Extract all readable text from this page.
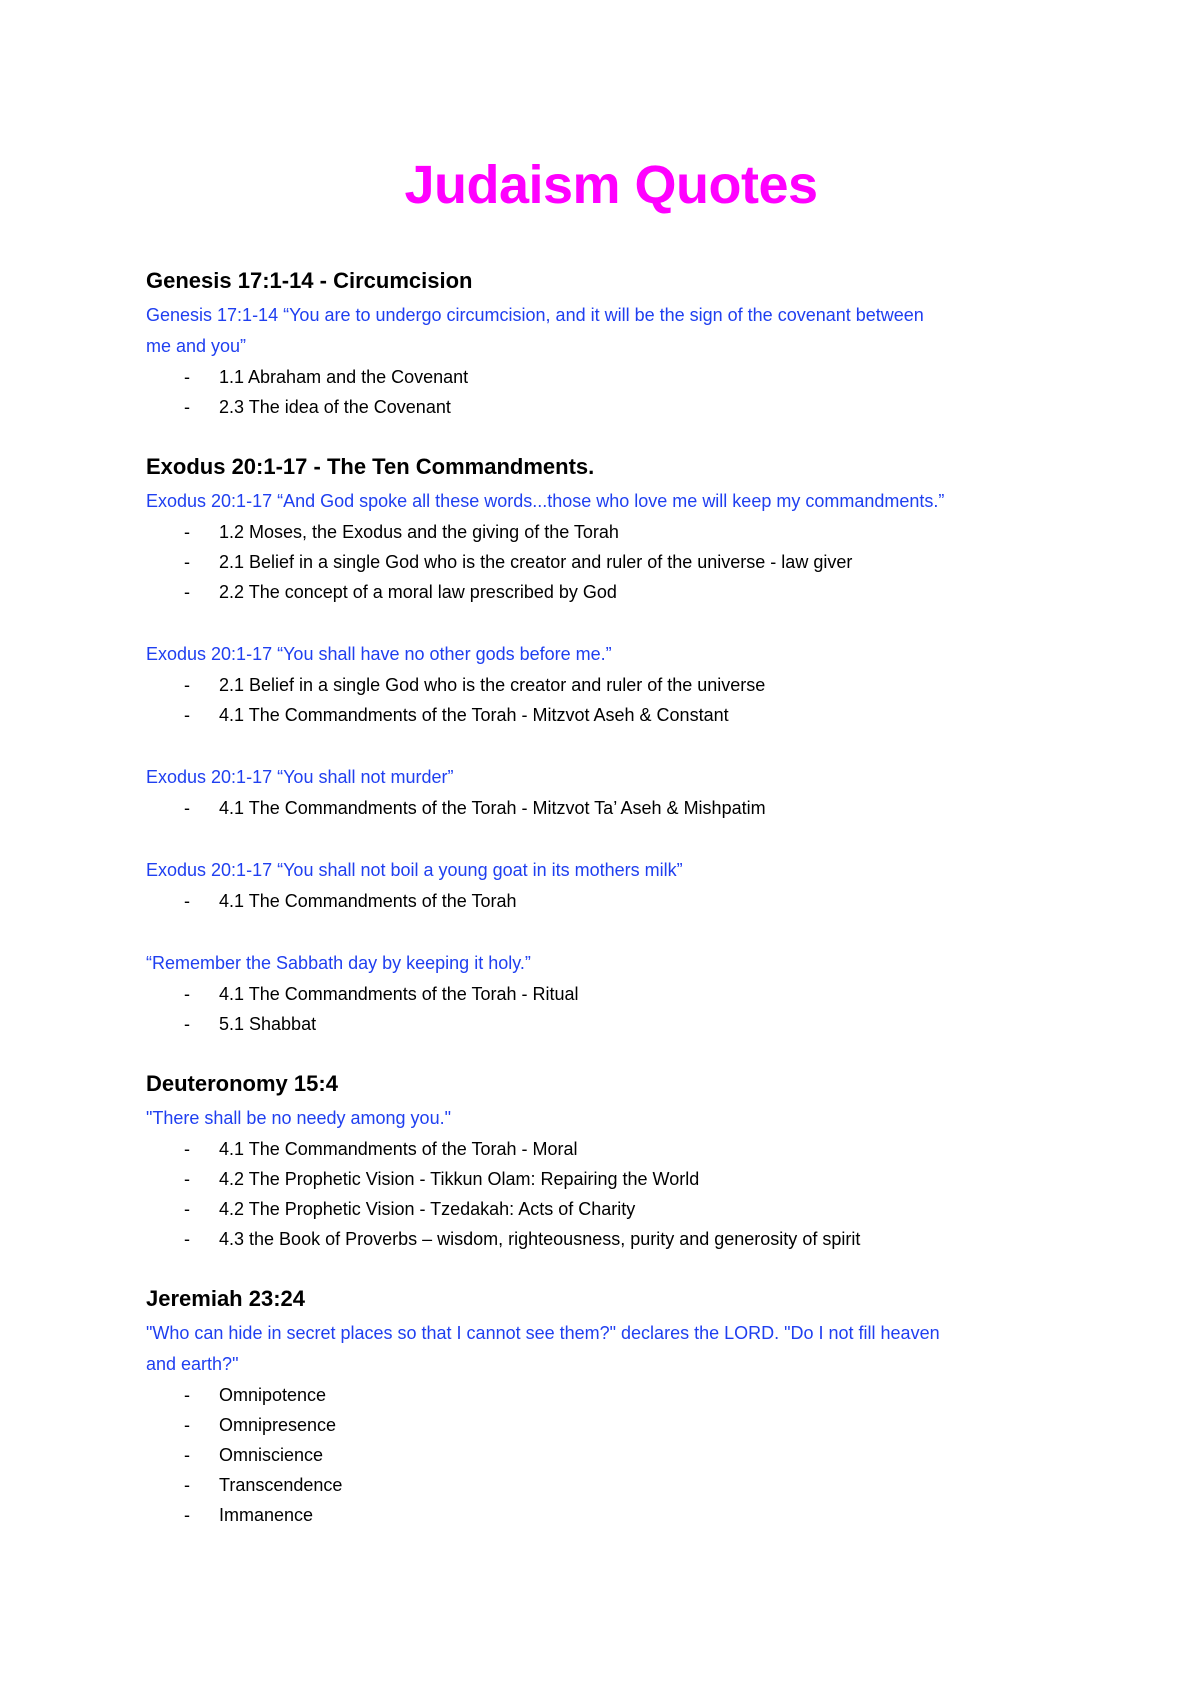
Judaism Quotes
Genesis 17:1-14 - Circumcision
Genesis 17:1-14 “You are to undergo circumcision, and it will be the sign of the covenant between
me and you”
- 1.1 Abraham and the Covenant
- 2.3 The idea of the Covenant
Exodus 20:1-17 - The Ten Commandments.
Exodus 20:1-17 “And God spoke all these words...those who love me will keep my commandments.”
- 1.2 Moses, the Exodus and the giving of the Torah
- 2.1 Belief in a single God who is the creator and ruler of the universe - law giver
- 2.2 The concept of a moral law prescribed by God
Exodus 20:1-17 “You shall have no other gods before me.”
- 2.1 Belief in a single God who is the creator and ruler of the universe
- 4.1 The Commandments of the Torah - Mitzvot Aseh & Constant
Exodus 20:1-17 “You shall not murder”
- 4.1 The Commandments of the Torah - Mitzvot Ta’ Aseh & Mishpatim
Exodus 20:1-17 “You shall not boil a young goat in its mothers milk”
- 4.1 The Commandments of the Torah
“Remember the Sabbath day by keeping it holy.”
- 4.1 The Commandments of the Torah - Ritual
- 5.1 Shabbat
Deuteronomy 15:4
"There shall be no needy among you."
- 4.1 The Commandments of the Torah - Moral
- 4.2 The Prophetic Vision - Tikkun Olam: Repairing the World
- 4.2 The Prophetic Vision - Tzedakah: Acts of Charity
- 4.3 the Book of Proverbs – wisdom, righteousness, purity and generosity of spirit
Jeremiah 23:24
"Who can hide in secret places so that I cannot see them?" declares the LORD. "Do I not fill heaven
and earth?"
- Omnipotence
- Omnipresence
- Omniscience
- Transcendence
- Immanence
